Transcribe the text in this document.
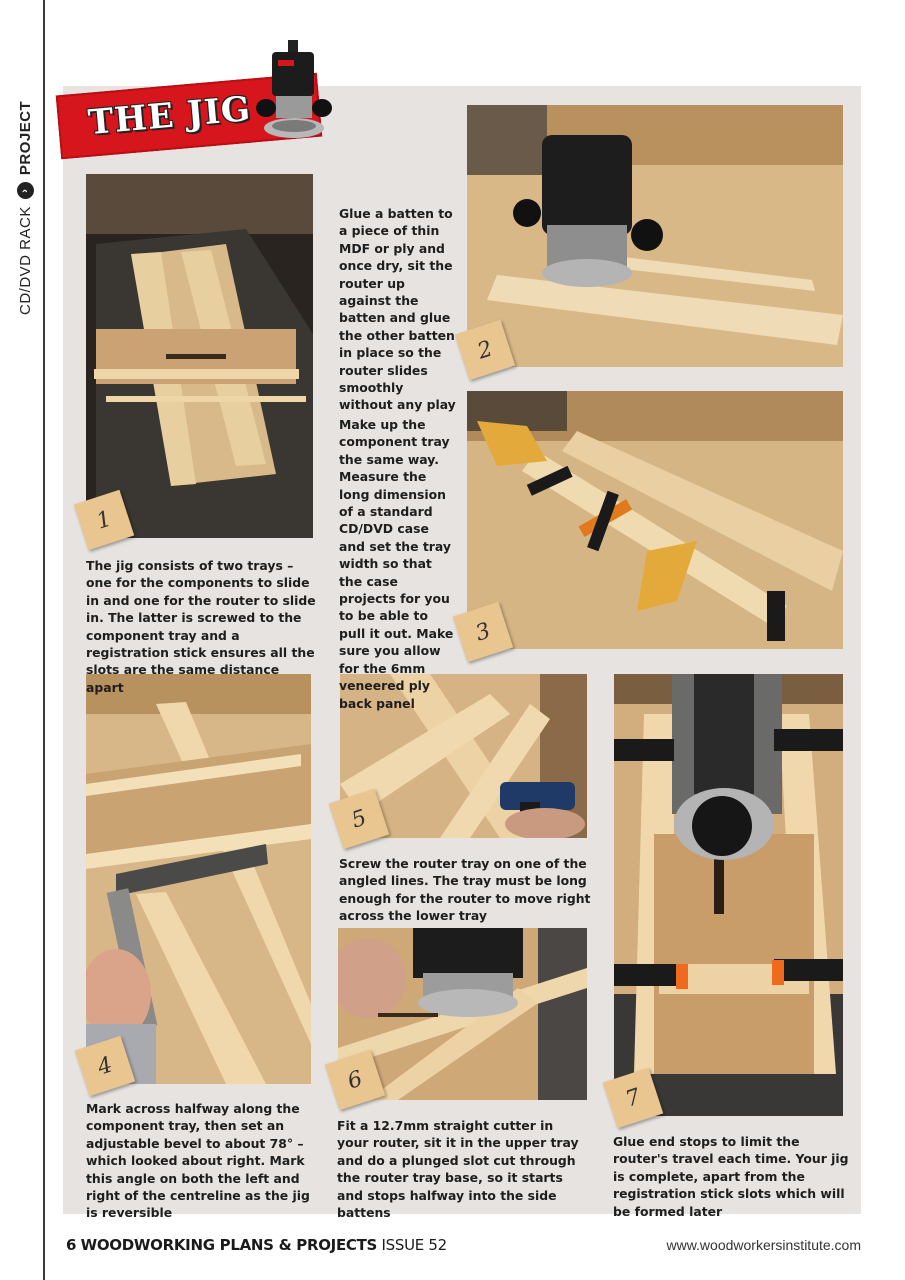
CD/DVD RACK
›
PROJECT THE JIG
1
2
3
4
5
6
7
The jig consists of two trays – one for the components to slide in and one for the router to slide in. The latter is screwed to the component tray and a registration stick ensures all the slots are the same distance apart
Glue a batten to a piece of thin MDF or ply and once dry, sit the router up against the batten and glue the other batten in place so the router slides smoothly without any play
Make up the component tray the same way. Measure the long dimension of a standard CD/DVD case and set the tray width so that the case projects for you to be able to pull it out. Make sure you allow for the 6mm veneered ply back panel
Mark across halfway along the component tray, then set an adjustable bevel to about 78° – which looked about right. Mark this angle on both the left and right of the centreline as the jig is reversible
Screw the router tray on one of the angled lines. The tray must be long enough for the router to move right across the lower tray
Fit a 12.7mm straight cutter in your router, sit it in the upper tray and do a plunged slot cut through the router tray base, so it starts and stops halfway into the side battens
Glue end stops to limit the router's travel each time. Your jig is complete, apart from the registration stick slots which will be formed later
6 WOODWORKING PLANS & PROJECTS ISSUE 52	www.woodworkersinstitute.com
